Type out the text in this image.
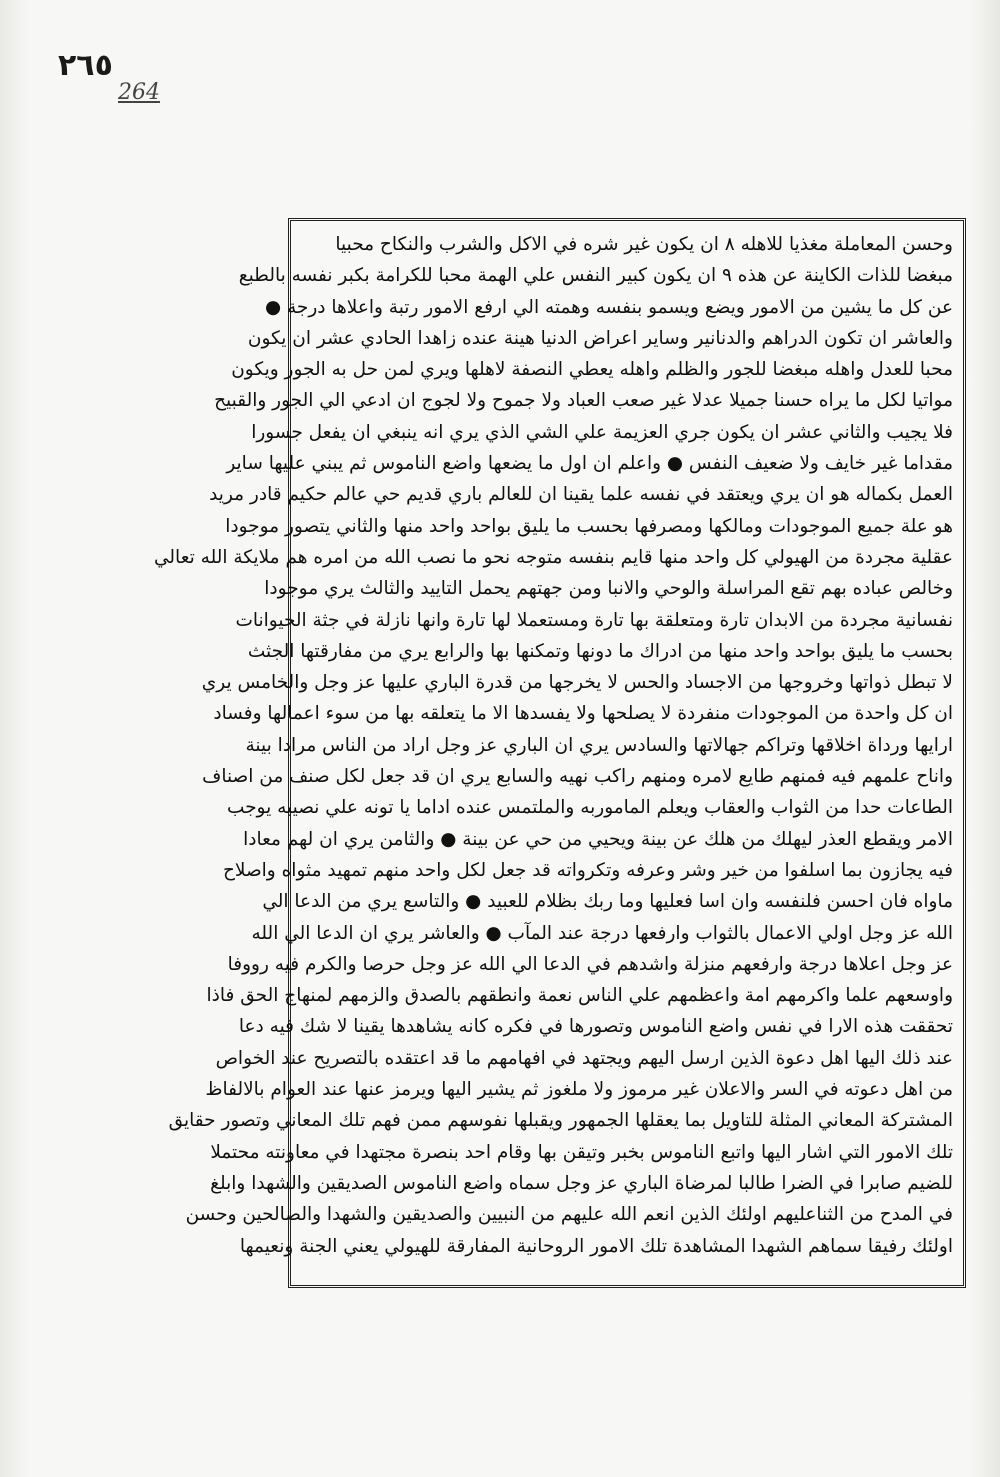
٢٦٥
264
وحسن المعاملة مغذيا للاهله ٨ ان يكون غير شره في الاكل والشرب والنكاح محبيا
مبغضا للذات الكاينة عن هذه ٩ ان يكون كبير النفس علي الهمة محبا للكرامة بكبر نفسه بالطبع
عن كل ما يشين من الامور ويضع ويسمو بنفسه وهمته الي ارفع الامور رتبة واعلاها درجة ●
والعاشر ان تكون الدراهم والدنانير وساير اعراض الدنيا هينة عنده زاهدا الحادي عشر ان يكون
محبا للعدل واهله مبغضا للجور والظلم واهله يعطي النصفة لاهلها ويري لمن حل به الجور ويكون
مواتيا لكل ما يراه حسنا جميلا عدلا غير صعب العباد ولا جموح ولا لجوج ان ادعي الي الجور والقبيح
فلا يجيب والثاني عشر ان يكون جري العزيمة علي الشي الذي يري انه ينبغي ان يفعل جسورا
مقداما غير خايف ولا ضعيف النفس ● واعلم ان اول ما يضعها واضع الناموس ثم يبني عليها ساير
العمل بكماله هو ان يري ويعتقد في نفسه علما يقينا ان للعالم باري قديم حي عالم حكيم قادر مريد
هو علة جميع الموجودات ومالكها ومصرفها بحسب ما يليق بواحد واحد منها والثاني يتصور موجودا
عقلية مجردة من الهيولي كل واحد منها قايم بنفسه متوجه نحو ما نصب الله من امره هم ملايكة الله تعالي
وخالص عباده بهم تقع المراسلة والوحي والانبا ومن جهتهم يحمل التاييد والثالث يري موجودا
نفسانية مجردة من الابدان تارة ومتعلقة بها تارة ومستعملا لها تارة وانها نازلة في جثة الحيوانات
بحسب ما يليق بواحد واحد منها من ادراك ما دونها وتمكنها بها والرابع يري من مفارقتها الجثث
لا تبطل ذواتها وخروجها من الاجساد والحس لا يخرجها من قدرة الباري عليها عز وجل والخامس يري
ان كل واحدة من الموجودات منفردة لا يصلحها ولا يفسدها الا ما يتعلقه بها من سوء اعمالها وفساد
ارايها ورداة اخلاقها وتراكم جهالاتها والسادس يري ان الباري عز وجل اراد من الناس مرادا بينة
واناح علمهم فيه فمنهم طايع لامره ومنهم راكب نهيه والسابع يري ان قد جعل لكل صنف من اصناف
الطاعات حدا من الثواب والعقاب ويعلم الماموربه والملتمس عنده اداما يا تونه علي نصيبه يوجب
الامر ويقطع العذر ليهلك من هلك عن بينة ويحيي من حي عن بينة ● والثامن يري ان لهم معادا
فيه يجازون بما اسلفوا من خير وشر وعرفه وتكرواته قد جعل لكل واحد منهم تمهيد مثواه واصلاح
ماواه فان احسن فلنفسه وان اسا فعليها وما ربك بظلام للعبيد ● والتاسع يري من الدعا الي
الله عز وجل اولي الاعمال بالثواب وارفعها درجة عند المآب ● والعاشر يري ان الدعا الي الله
عز وجل اعلاها درجة وارفعهم منزلة واشدهم في الدعا الي الله عز وجل حرصا والكرم فيه رووفا
واوسعهم علما واكرمهم امة واعظمهم علي الناس نعمة وانطقهم بالصدق والزمهم لمنهاج الحق فاذا
تحققت هذه الارا في نفس واضع الناموس وتصورها في فكره كانه يشاهدها يقينا لا شك فيه دعا
عند ذلك اليها اهل دعوة الذين ارسل اليهم ويجتهد في افهامهم ما قد اعتقده بالتصريح عند الخواص
من اهل دعوته في السر والاعلان غير مرموز ولا ملغوز ثم يشير اليها ويرمز عنها عند العوام بالالفاظ
المشتركة المعاني المثلة للتاويل بما يعقلها الجمهور ويقبلها نفوسهم ممن فهم تلك المعاني وتصور حقايق
تلك الامور التي اشار اليها واتبع الناموس بخبر وتيقن بها وقام احد بنصرة مجتهدا في معاونته محتملا
للضيم صابرا في الضرا طالبا لمرضاة الباري عز وجل سماه واضع الناموس الصديقين والشهدا وابلغ
في المدح من الثناعليهم اولئك الذين انعم الله عليهم من النبيين والصديقين والشهدا والصالحين وحسن
اولئك رفيقا سماهم الشهدا المشاهدة تلك الامور الروحانية المفارقة للهيولي يعني الجنة ونعيمها
